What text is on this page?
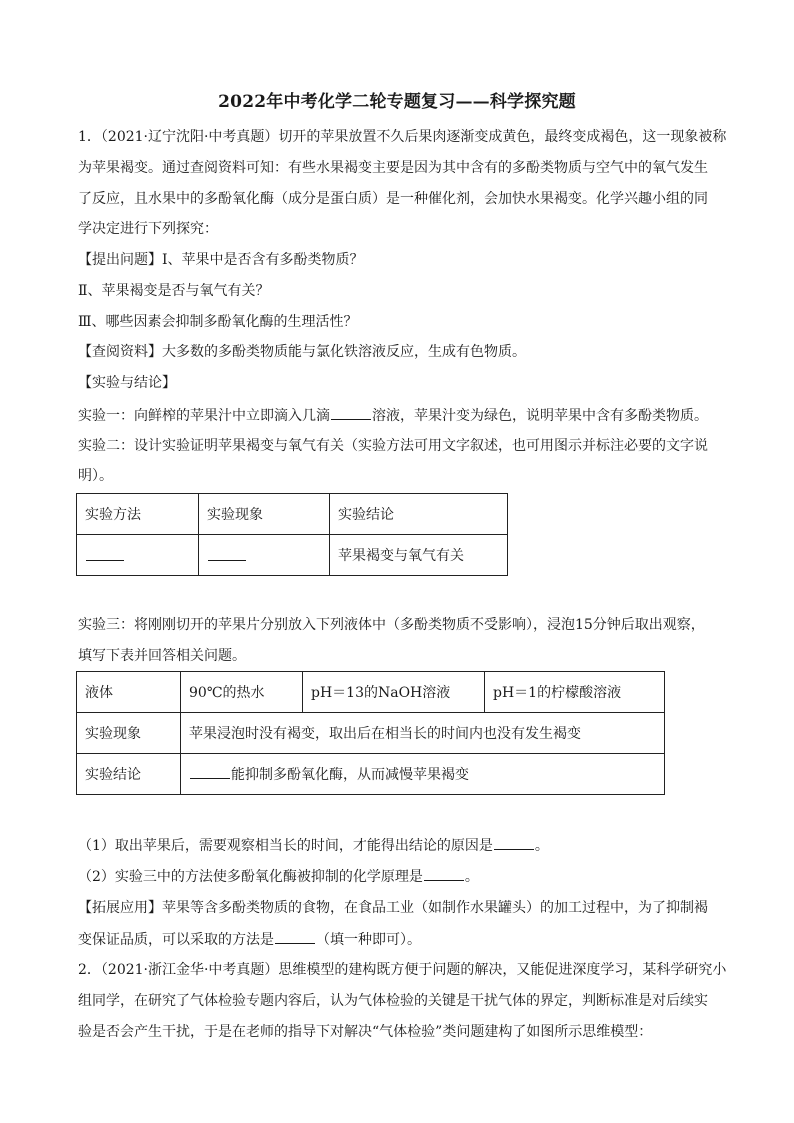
2022年中考化学二轮专题复习——科学探究题
1．（2021·辽宁沈阳·中考真题）切开的苹果放置不久后果肉逐渐变成黄色，最终变成褐色，这一现象被称
为苹果褐变。通过查阅资料可知：有些水果褐变主要是因为其中含有的多酚类物质与空气中的氧气发生
了反应，且水果中的多酚氧化酶（成分是蛋白质）是一种催化剂，会加快水果褐变。化学兴趣小组的同
学决定进行下列探究：
【提出问题】Ⅰ、苹果中是否含有多酚类物质？
Ⅱ、苹果褐变是否与氧气有关？
Ⅲ、哪些因素会抑制多酚氧化酶的生理活性？
【查阅资料】大多数的多酚类物质能与氯化铁溶液反应，生成有色物质。
【实验与结论】
实验一：向鲜榨的苹果汁中立即滴入几滴	溶液，苹果汁变为绿色，说明苹果中含有多酚类物质。
实验二：设计实验证明苹果褐变与氧气有关（实验方法可用文字叙述，也可用图示并标注必要的文字说
明）。
实验方法	实验现象	实验结论
		苹果褐变与氧气有关
实验三：将刚刚切开的苹果片分别放入下列液体中（多酚类物质不受影响），浸泡15分钟后取出观察，
填写下表并回答相关问题。
液体	90℃的热水	pH＝13的NaOH溶液	pH＝1的柠檬酸溶液
实验现象	苹果浸泡时没有褐变，取出后在相当长的时间内也没有发生褐变		
实验结论	能抑制多酚氧化酶，从而减慢苹果褐变		
（1）取出苹果后，需要观察相当长的时间，才能得出结论的原因是	。
（2）实验三中的方法使多酚氧化酶被抑制的化学原理是	。
【拓展应用】苹果等含多酚类物质的食物，在食品工业（如制作水果罐头）的加工过程中，为了抑制褐
变保证品质，可以采取的方法是	（填一种即可）。
2．（2021·浙江金华·中考真题）思维模型的建构既方便于问题的解决，又能促进深度学习，某科学研究小
组同学，在研究了气体检验专题内容后，认为气体检验的关键是干扰气体的界定，判断标准是对后续实
验是否会产生干扰，于是在老师的指导下对解决“气体检验”类问题建构了如图所示思维模型：
